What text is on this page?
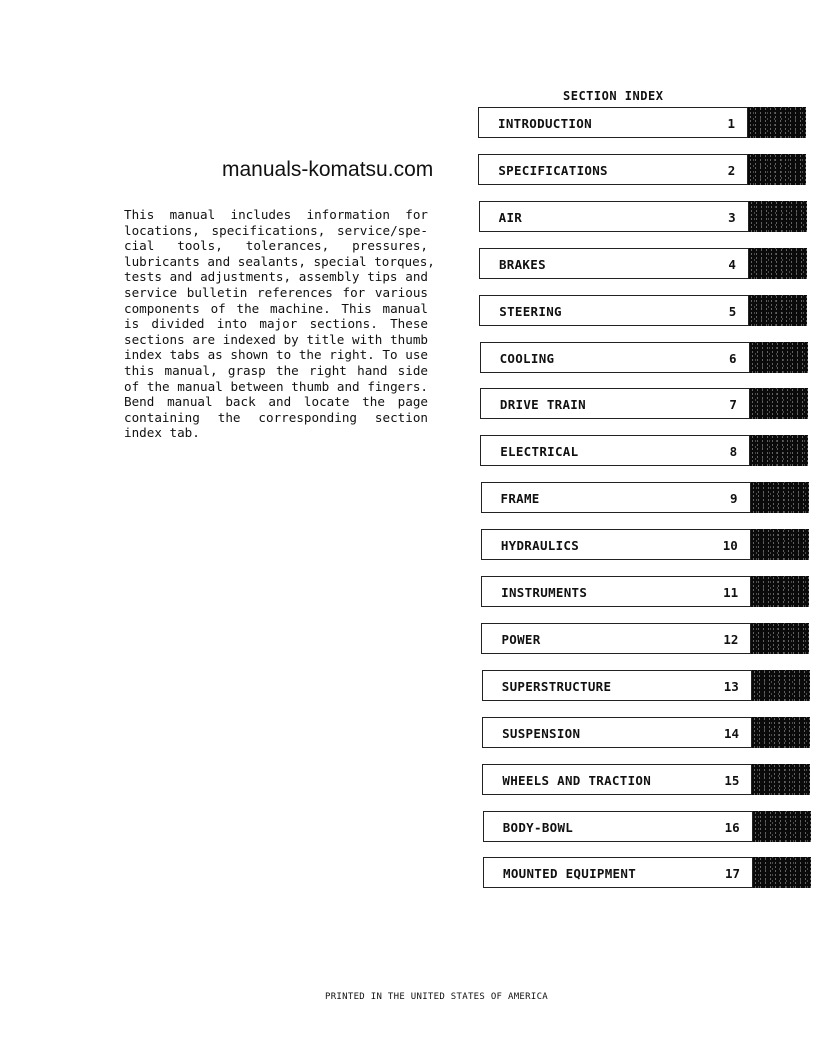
manuals-komatsu.com
This manual includes information for
locations, specifications, service/spe-
cial tools, tolerances, pressures,
lubricants and sealants, special torques,
tests and adjustments, assembly tips and
service bulletin references for various
components of the machine. This manual
is divided into major sections. These
sections are indexed by title with thumb
index tabs as shown to the right. To use
this manual, grasp the right hand side
of the manual between thumb and fingers.
Bend manual back and locate the page
containing the corresponding section
index tab.
SECTION INDEX
INTRODUCTION	1
SPECIFICATIONS	2
AIR	3
BRAKES	4
STEERING	5
COOLING	6
DRIVE TRAIN	7
ELECTRICAL	8
FRAME	9
HYDRAULICS	10
INSTRUMENTS	11
POWER	12
SUPERSTRUCTURE	13
SUSPENSION	14
WHEELS AND TRACTION	15
BODY-BOWL	16
MOUNTED EQUIPMENT	17
PRINTED IN THE UNITED STATES OF AMERICA
